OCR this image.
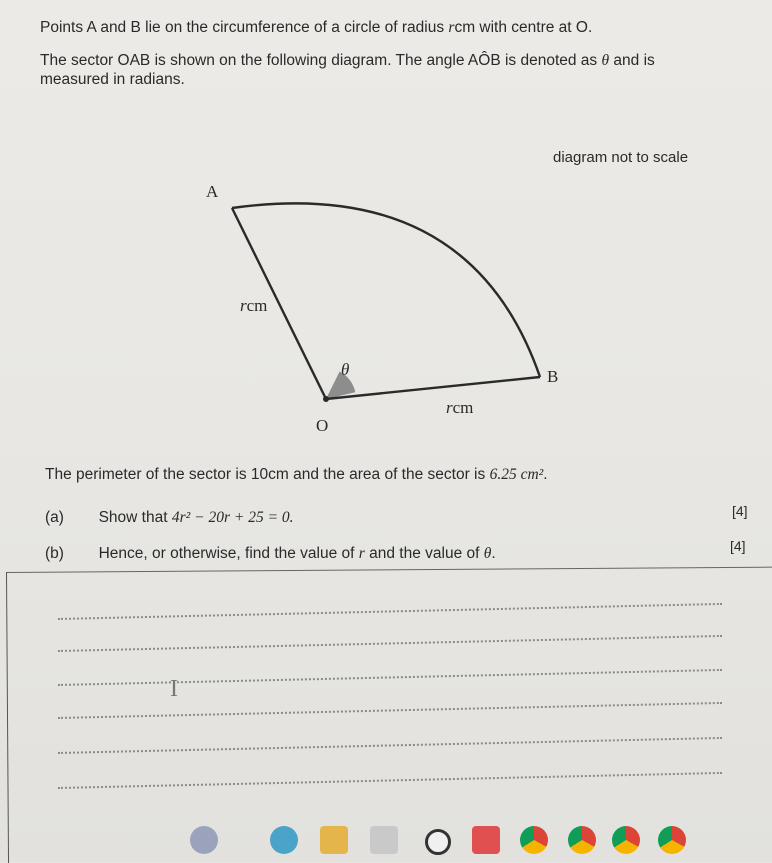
Points A and B lie on the circumference of a circle of radius rcm with centre at O.

The sector OAB is shown on the following diagram. The angle AÔB is denoted as θ and is
measured in radians.

diagram not to scale
A
B
O
θ
rcm
rcm
The perimeter of the sector is 10cm and the area of the sector is 6.25 cm².
(a) Show that 4r² − 20r + 25 = 0.	[4]
(b) Hence, or otherwise, find the value of r and the value of θ.	[4]
I
